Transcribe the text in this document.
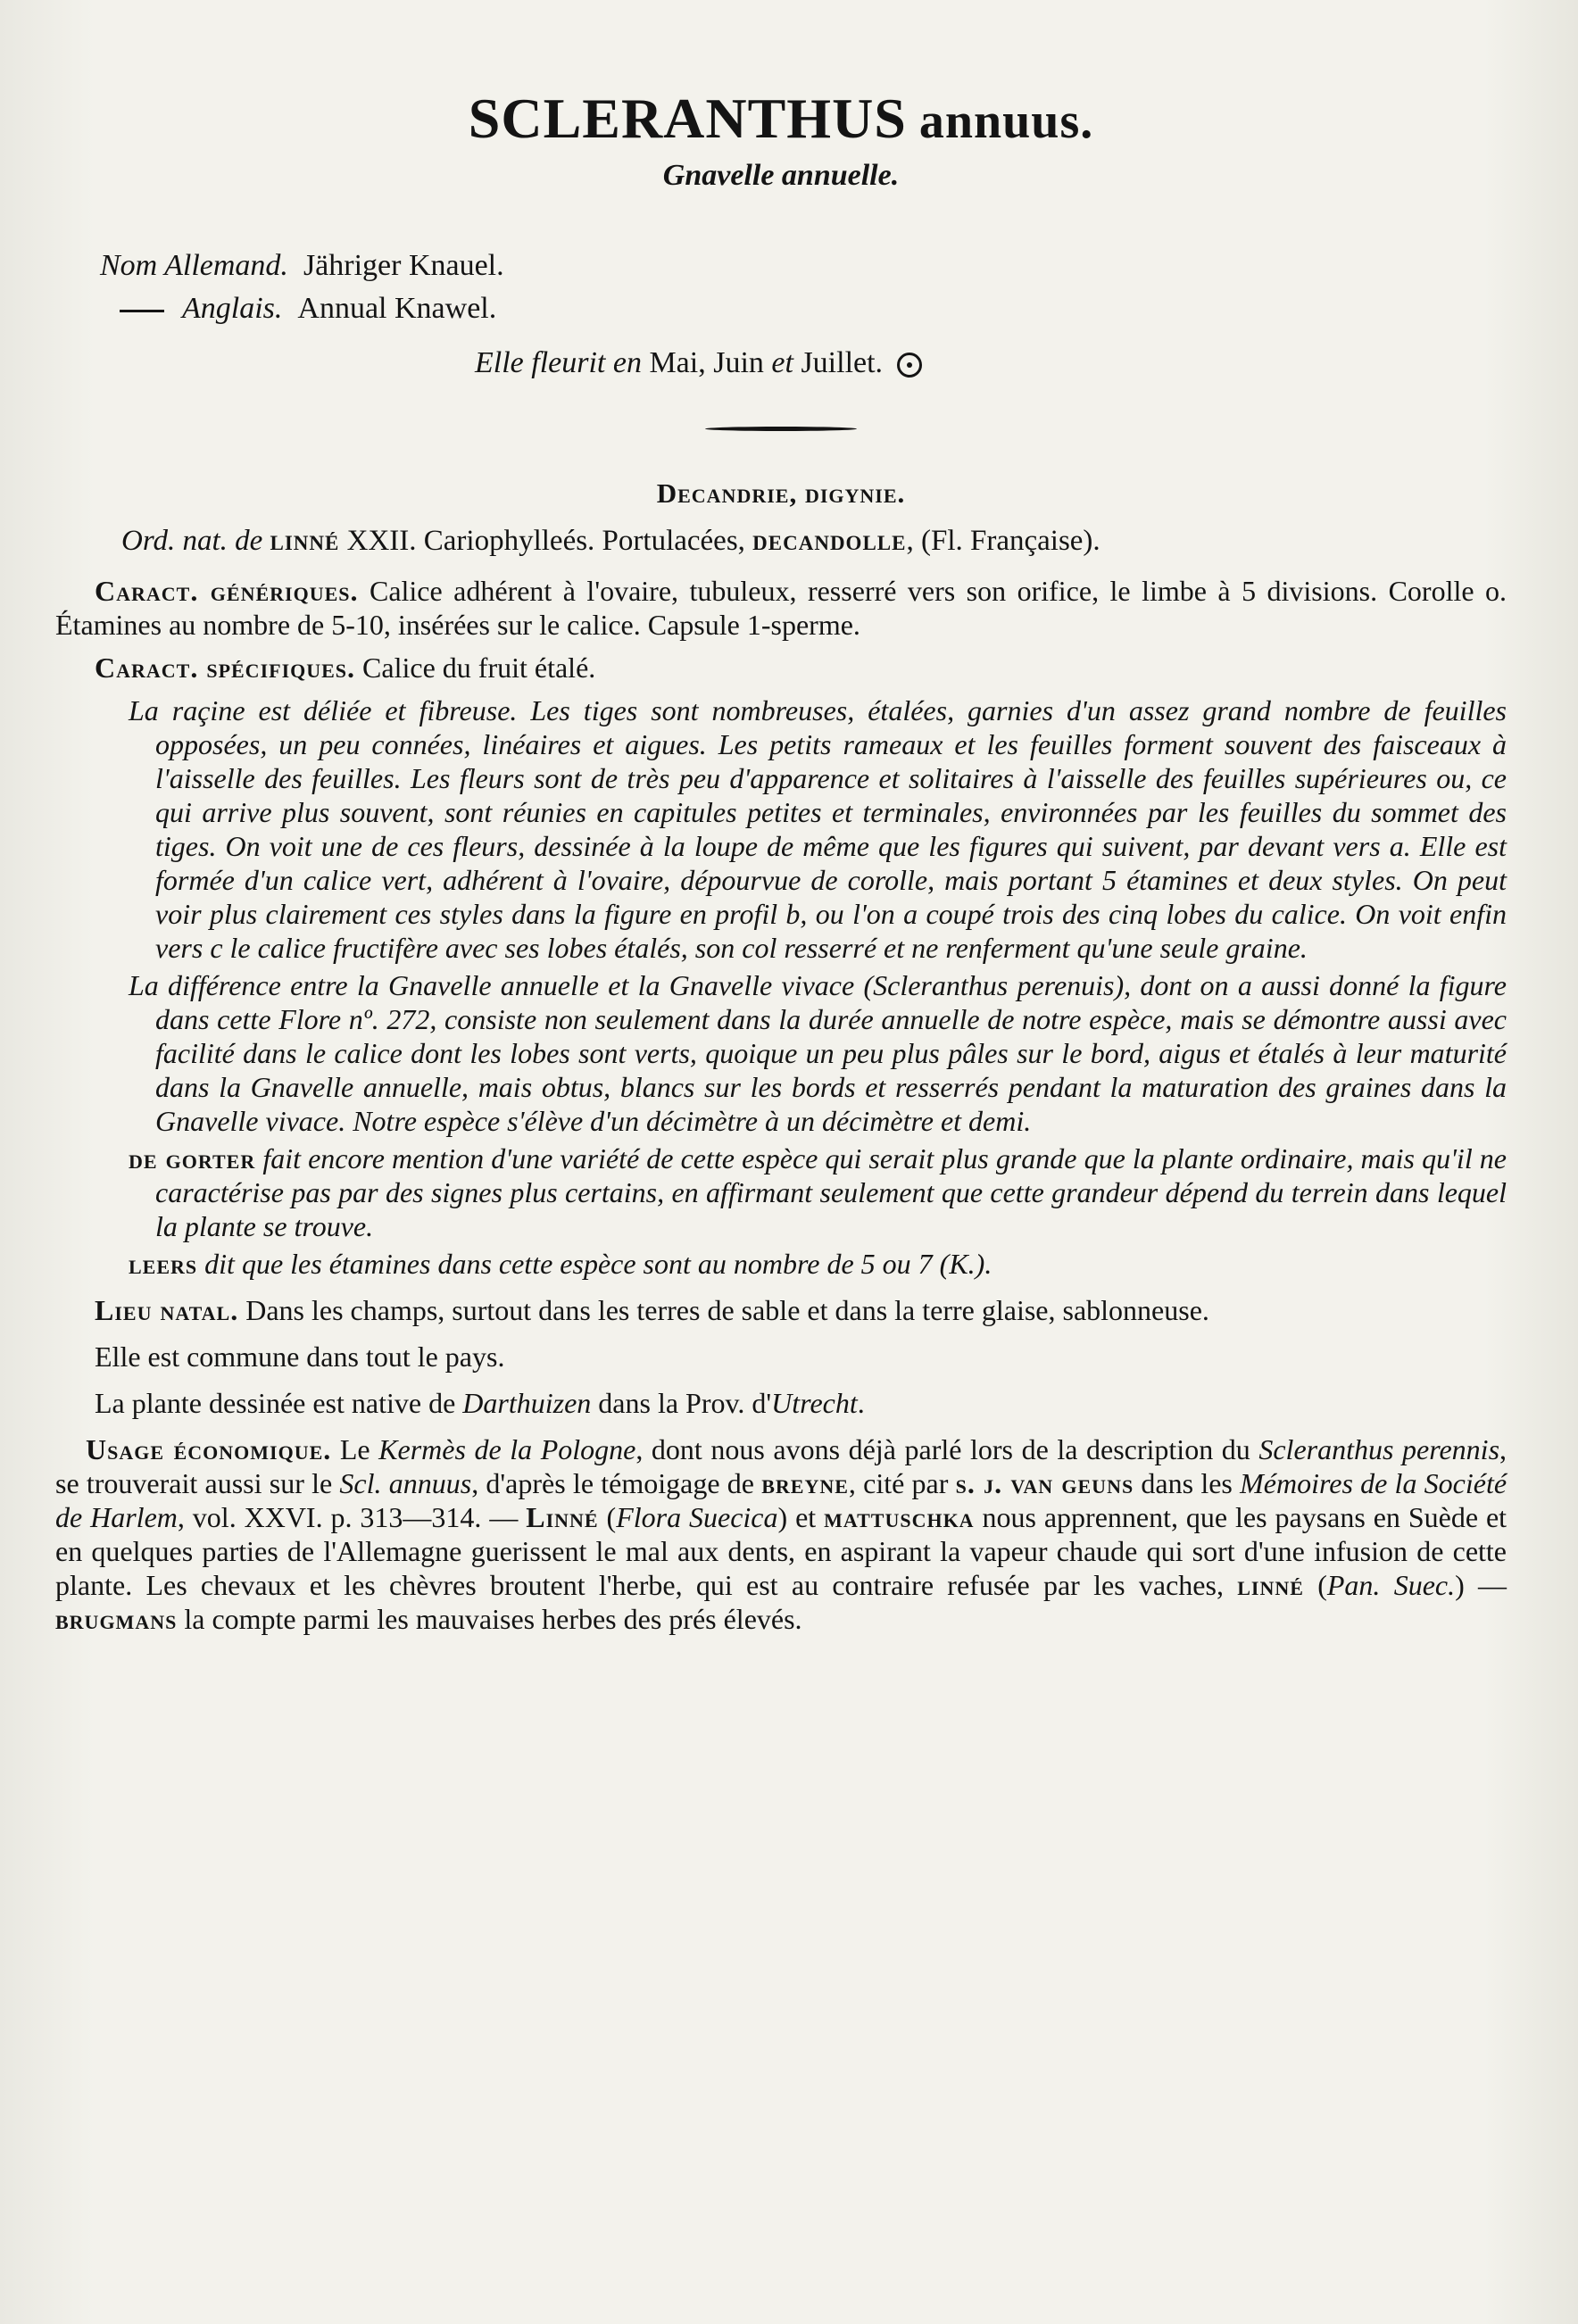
SCLERANTHUS annuus.
Gnavelle annuelle.
Nom Allemand. Jähriger Knauel.
Anglais. Annual Knawel.
Elle fleurit en Mai, Juin et Juillet.
Decandrie, digynie.

Ord. nat. de linné XXII. Cariophylleés. Portulacées, decandolle, (Fl. Française).

Caract. génériques. Calice adhérent à l'ovaire, tubuleux, resserré vers son orifice, le limbe à 5 divisions. Corolle o. Étamines au nombre de 5-10, insérées sur le calice. Capsule 1-sperme.

Caract. spécifiques. Calice du fruit étalé.

La raçine est déliée et fibreuse. Les tiges sont nombreuses, étalées, garnies d'un assez grand nombre de feuilles opposées, un peu connées, linéaires et aigues. Les petits rameaux et les feuilles forment souvent des faisceaux à l'aisselle des feuilles. Les fleurs sont de très peu d'apparence et solitaires à l'aisselle des feuilles supérieures ou, ce qui arrive plus souvent, sont réunies en capitules petites et terminales, environnées par les feuilles du sommet des tiges. On voit une de ces fleurs, dessinée à la loupe de même que les figures qui suivent, par devant vers a. Elle est formée d'un calice vert, adhérent à l'ovaire, dépourvue de corolle, mais portant 5 étamines et deux styles. On peut voir plus clairement ces styles dans la figure en profil b, ou l'on a coupé trois des cinq lobes du calice. On voit enfin vers c le calice fructifère avec ses lobes étalés, son col resserré et ne renferment qu'une seule graine.

La différence entre la Gnavelle annuelle et la Gnavelle vivace (Scleranthus perenuis), dont on a aussi donné la figure dans cette Flore nº. 272, consiste non seulement dans la durée annuelle de notre espèce, mais se démontre aussi avec facilité dans le calice dont les lobes sont verts, quoique un peu plus pâles sur le bord, aigus et étalés à leur maturité dans la Gnavelle annuelle, mais obtus, blancs sur les bords et resserrés pendant la maturation des graines dans la Gnavelle vivace. Notre espèce s'élève d'un décimètre à un décimètre et demi.

de gorter fait encore mention d'une variété de cette espèce qui serait plus grande que la plante ordinaire, mais qu'il ne caractérise pas par des signes plus certains, en affirmant seulement que cette grandeur dépend du terrein dans lequel la plante se trouve.

leers dit que les étamines dans cette espèce sont au nombre de 5 ou 7 (K.).

Lieu natal. Dans les champs, surtout dans les terres de sable et dans la terre glaise, sablonneuse.

Elle est commune dans tout le pays.

La plante dessinée est native de Darthuizen dans la Prov. d'Utrecht.

Usage économique. Le Kermès de la Pologne, dont nous avons déjà parlé lors de la description du Scleranthus perennis, se trouverait aussi sur le Scl. annuus, d'après le témoigage de breyne, cité par s. j. van geuns dans les Mémoires de la Société de Harlem, vol. XXVI. p. 313—314. — Linné (Flora Suecica) et mattuschka nous apprennent, que les paysans en Suède et en quelques parties de l'Allemagne guerissent le mal aux dents, en aspirant la vapeur chaude qui sort d'une infusion de cette plante. Les chevaux et les chèvres broutent l'herbe, qui est au contraire refusée par les vaches, linné (Pan. Suec.) — brugmans la compte parmi les mauvaises herbes des prés élevés.
